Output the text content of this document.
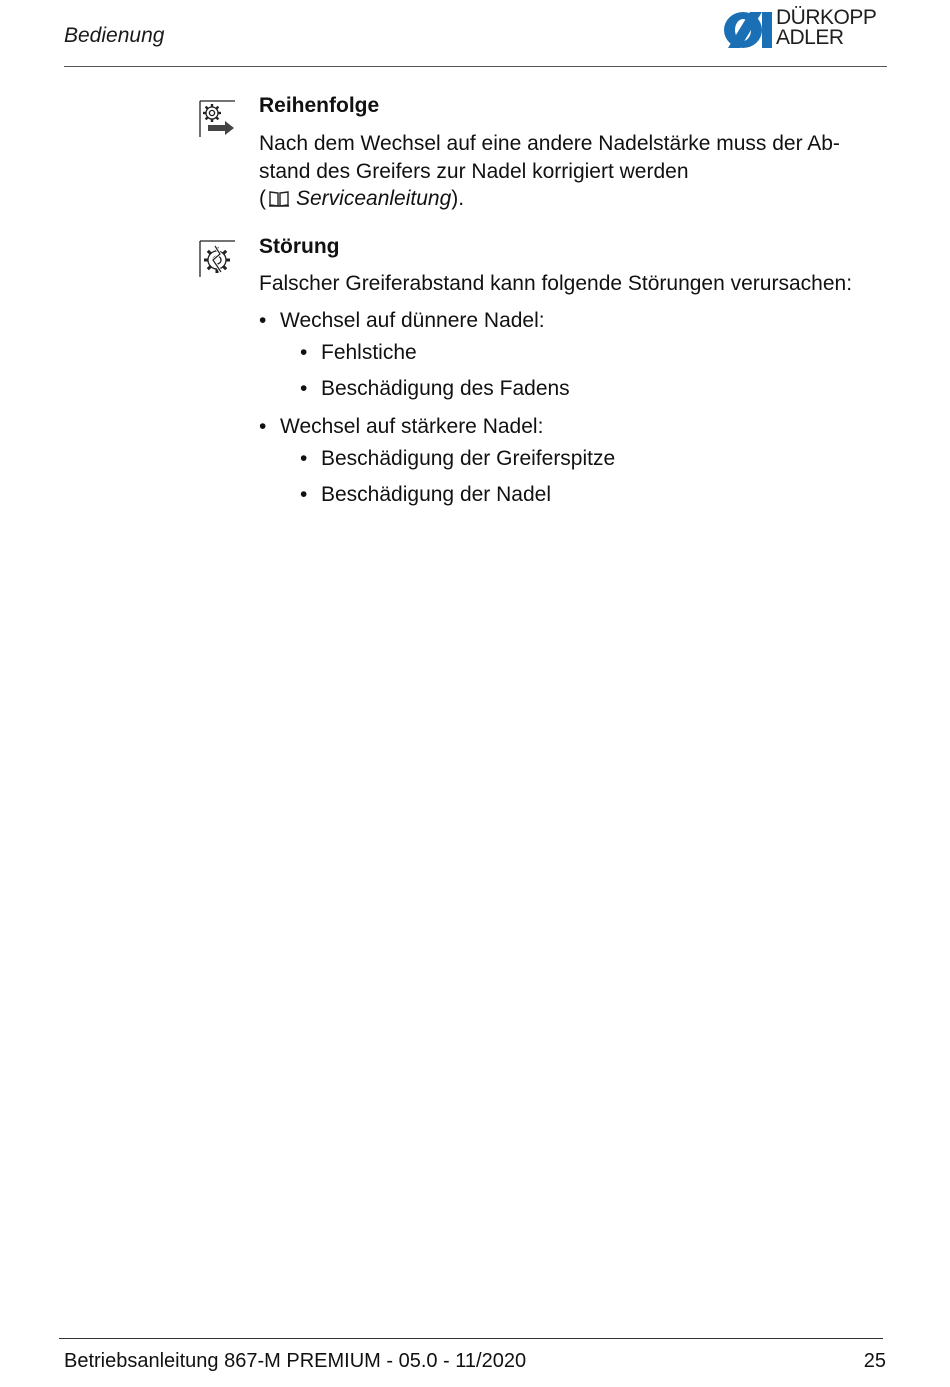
Bedienung
DÜRKOPP
ADLER
Reihenfolge
Nach dem Wechsel auf eine andere Nadelstärke muss der Ab-stand des Greifers zur Nadel korrigiert werden
( Serviceanleitung).
Störung
Falscher Greiferabstand kann folgende Störungen verursachen:
• Wechsel auf dünnere Nadel:
• Fehlstiche
• Beschädigung des Fadens
• Wechsel auf stärkere Nadel:
• Beschädigung der Greiferspitze
• Beschädigung der Nadel
Betriebsanleitung 867-M PREMIUM - 05.0 - 11/2020	25
